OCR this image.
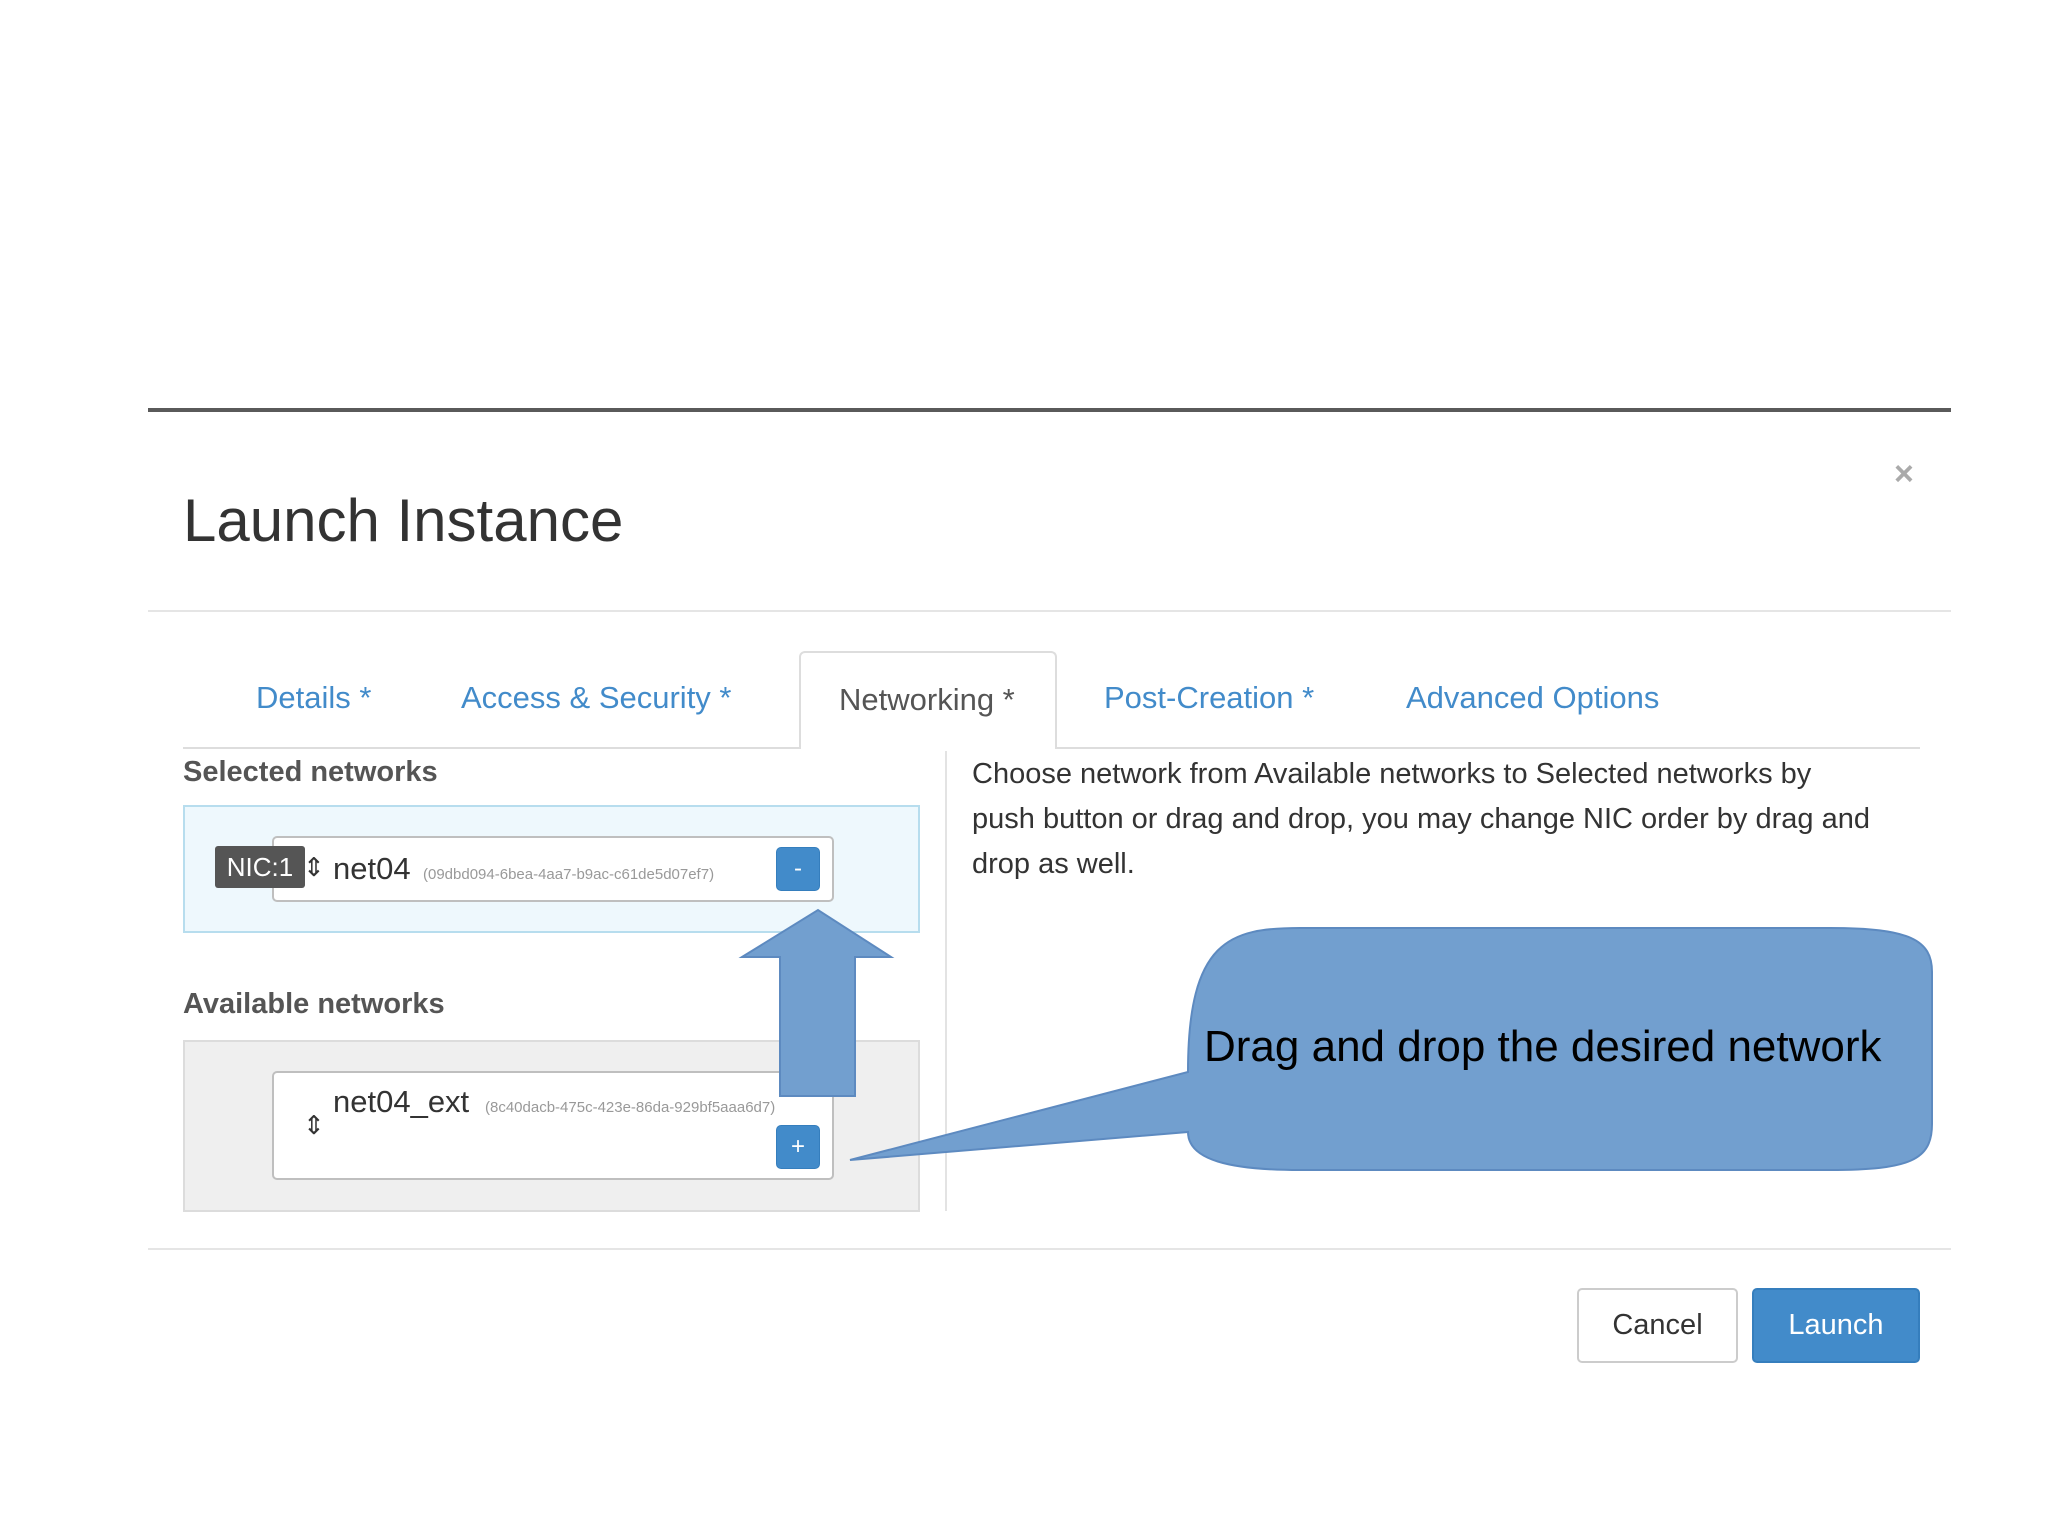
Launch Instance
×
Details *	Access & Security *	Networking *	Post-Creation *	Advanced Options
Selected networks
NIC:1 ⇕ net04 (09dbd094-6bea-4aa7-b9ac-c61de5d07ef7)	-
Available networks
⇕
net04_ext (8c40dacb-475c-423e-86da-929bf5aaa6d7)
+
Choose network from Available networks to Selected networks by push button or drag and drop, you may change NIC order by drag and drop as well.
Drag and drop the desired network
Cancel	Launch
